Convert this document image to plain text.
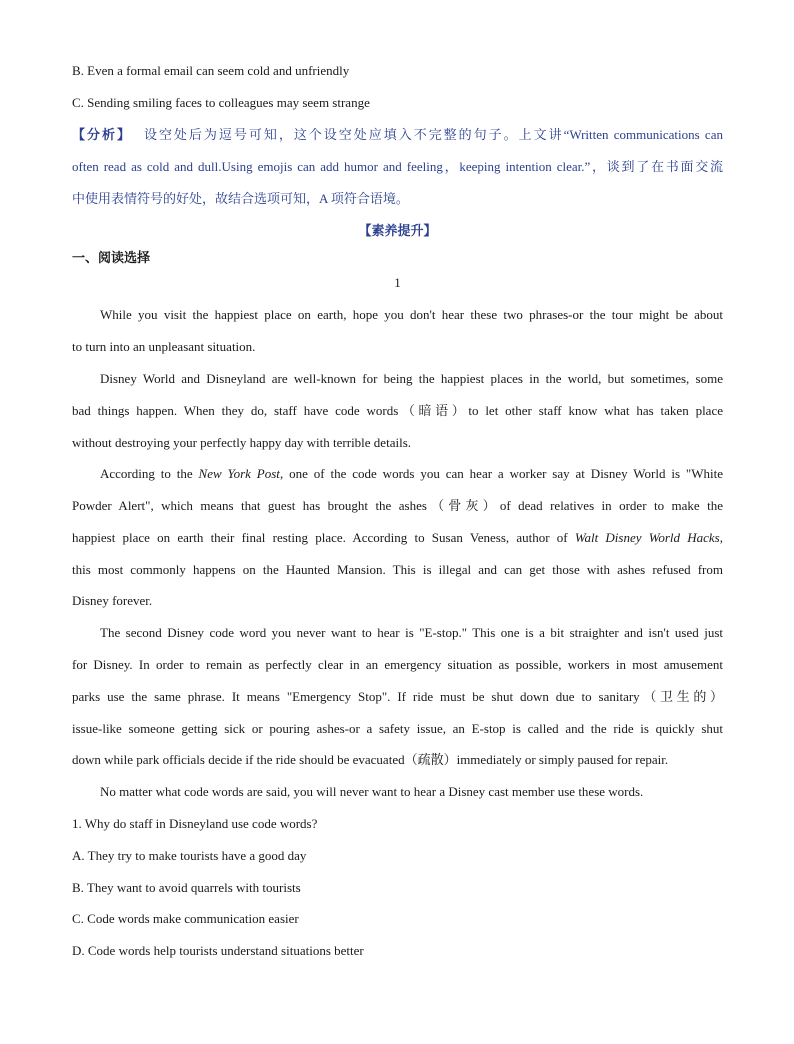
B. Even a formal email can seem cold and unfriendly
C. Sending smiling faces to colleagues may seem strange
【分析】 设空处后为逗号可知，这个设空处应填入不完整的句子。上文讲“Written communications can
often read as cold and dull.Using emojis can add humor and feeling，keeping intention clear.”，谈到了在书面交流
中使用表情符号的好处，故结合选项可知，A 项符合语境。
【素养提升】
一、阅读选择
1
While you visit the happiest place on earth, hope you don't hear these two phrases-or the tour might be about
to turn into an unpleasant situation.
Disney World and Disneyland are well-known for being the happiest places in the world, but sometimes, some
bad things happen. When they do, staff have code words（暗语）to let other staff know what has taken place
without destroying your perfectly happy day with terrible details.
According to the New York Post, one of the code words you can hear a worker say at Disney World is "White
Powder Alert", which means that guest has brought the ashes（骨灰）of dead relatives in order to make the
happiest place on earth their final resting place. According to Susan Veness, author of Walt Disney World Hacks,
this most commonly happens on the Haunted Mansion. This is illegal and can get those with ashes refused from
Disney forever.
The second Disney code word you never want to hear is "E-stop." This one is a bit straighter and isn't used just
for Disney. In order to remain as perfectly clear in an emergency situation as possible, workers in most amusement
parks use the same phrase. It means "Emergency Stop". If ride must be shut down due to sanitary（卫生的）
issue-like someone getting sick or pouring ashes-or a safety issue, an E-stop is called and the ride is quickly shut
down while park officials decide if the ride should be evacuated（疏散）immediately or simply paused for repair.
No matter what code words are said, you will never want to hear a Disney cast member use these words.
1. Why do staff in Disneyland use code words?
A. They try to make tourists have a good day
B. They want to avoid quarrels with tourists
C. Code words make communication easier
D. Code words help tourists understand situations better
